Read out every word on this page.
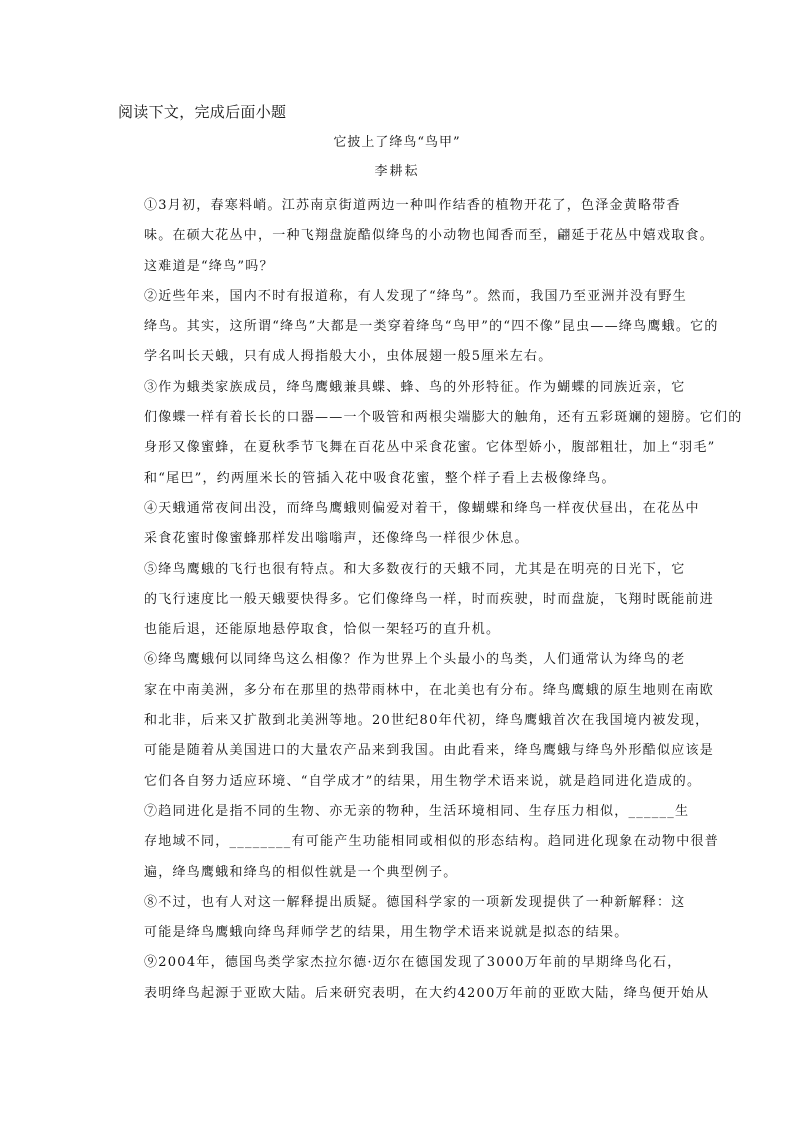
阅读下文，完成后面小题
它披上了绛鸟“鸟甲”
李耕耘

①3月初，春寒料峭。江苏南京街道两边一种叫作结香的植物开花了，色泽金黄略带香
味。在硕大花丛中，一种飞翔盘旋酷似绛鸟的小动物也闻香而至，翩延于花丛中嬉戏取食。
这难道是“绛鸟”吗？

②近些年来，国内不时有报道称，有人发现了“绛鸟”。然而，我国乃至亚洲并没有野生
绛鸟。其实，这所谓“绛鸟”大都是一类穿着绛鸟“鸟甲”的“四不像”昆虫——绛鸟鹰蛾。它的
学名叫长天蛾，只有成人拇指般大小，虫体展翅一般5厘米左右。

③作为蛾类家族成员，绛鸟鹰蛾兼具蝶、蜂、鸟的外形特征。作为蝴蝶的同族近亲，它
们像蝶一样有着长长的口器——一个吸管和两根尖端膨大的触角，还有五彩斑斓的翅膀。它们的
身形又像蜜蜂，在夏秋季节飞舞在百花丛中采食花蜜。它体型娇小，腹部粗壮，加上“羽毛”
和“尾巴”，约两厘米长的管插入花中吸食花蜜，整个样子看上去极像绛鸟。

④天蛾通常夜间出没，而绛鸟鹰蛾则偏爱对着干，像蝴蝶和绛鸟一样夜伏昼出，在花丛中
采食花蜜时像蜜蜂那样发出嗡嗡声，还像绛鸟一样很少休息。

⑤绛鸟鹰蛾的飞行也很有特点。和大多数夜行的天蛾不同，尤其是在明亮的日光下，它
的飞行速度比一般天蛾要快得多。它们像绛鸟一样，时而疾驶，时而盘旋，飞翔时既能前进
也能后退，还能原地悬停取食，恰似一架轻巧的直升机。

⑥绛鸟鹰蛾何以同绛鸟这么相像？作为世界上个头最小的鸟类，人们通常认为绛鸟的老
家在中南美洲，多分布在那里的热带雨林中，在北美也有分布。绛鸟鹰蛾的原生地则在南欧
和北非，后来又扩散到北美洲等地。20世纪80年代初，绛鸟鹰蛾首次在我国境内被发现，
可能是随着从美国进口的大量农产品来到我国。由此看来，绛鸟鹰蛾与绛鸟外形酷似应该是
它们各自努力适应环境、“自学成才”的结果，用生物学术语来说，就是趋同进化造成的。

⑦趋同进化是指不同的生物、亦无亲的物种，生活环境相同、生存压力相似，______生
存地域不同，________有可能产生功能相同或相似的形态结构。趋同进化现象在动物中很普
遍，绛鸟鹰蛾和绛鸟的相似性就是一个典型例子。

⑧不过，也有人对这一解释提出质疑。德国科学家的一项新发现提供了一种新解释：这
可能是绛鸟鹰蛾向绛鸟拜师学艺的结果，用生物学术语来说就是拟态的结果。

⑨2004年，德国鸟类学家杰拉尔德·迈尔在德国发现了3000万年前的早期绛鸟化石，
表明绛鸟起源于亚欧大陆。后来研究表明，在大约4200万年前的亚欧大陆，绛鸟便开始从
